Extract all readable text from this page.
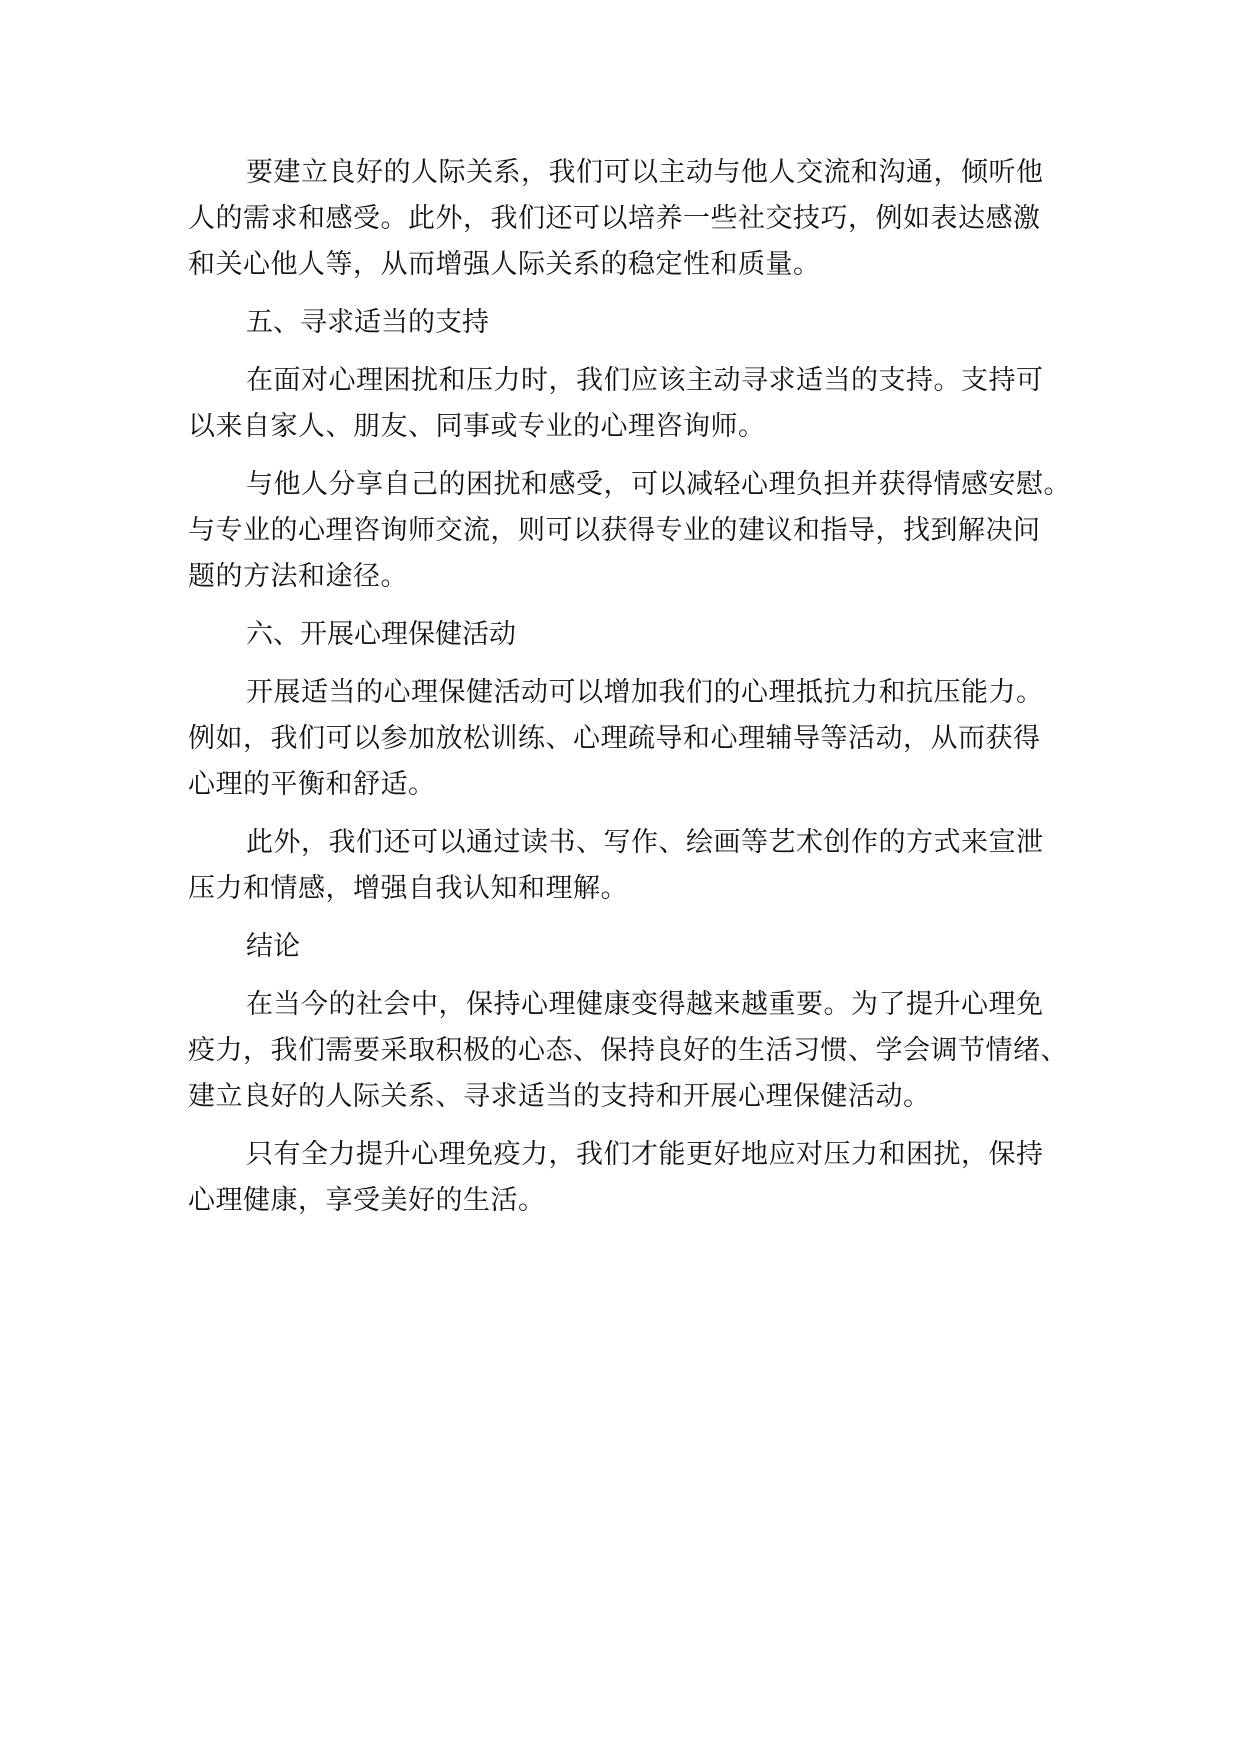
要建立良好的人际关系，我们可以主动与他人交流和沟通，倾听他
人的需求和感受。此外，我们还可以培养一些社交技巧，例如表达感激
和关心他人等，从而增强人际关系的稳定性和质量。
五、寻求适当的支持
在面对心理困扰和压力时，我们应该主动寻求适当的支持。支持可
以来自家人、朋友、同事或专业的心理咨询师。
与他人分享自己的困扰和感受，可以减轻心理负担并获得情感安慰。
与专业的心理咨询师交流，则可以获得专业的建议和指导，找到解决问
题的方法和途径。
六、开展心理保健活动
开展适当的心理保健活动可以增加我们的心理抵抗力和抗压能力。
例如，我们可以参加放松训练、心理疏导和心理辅导等活动，从而获得
心理的平衡和舒适。
此外，我们还可以通过读书、写作、绘画等艺术创作的方式来宣泄
压力和情感，增强自我认知和理解。
结论
在当今的社会中，保持心理健康变得越来越重要。为了提升心理免
疫力，我们需要采取积极的心态、保持良好的生活习惯、学会调节情绪、
建立良好的人际关系、寻求适当的支持和开展心理保健活动。
只有全力提升心理免疫力，我们才能更好地应对压力和困扰，保持
心理健康，享受美好的生活。
